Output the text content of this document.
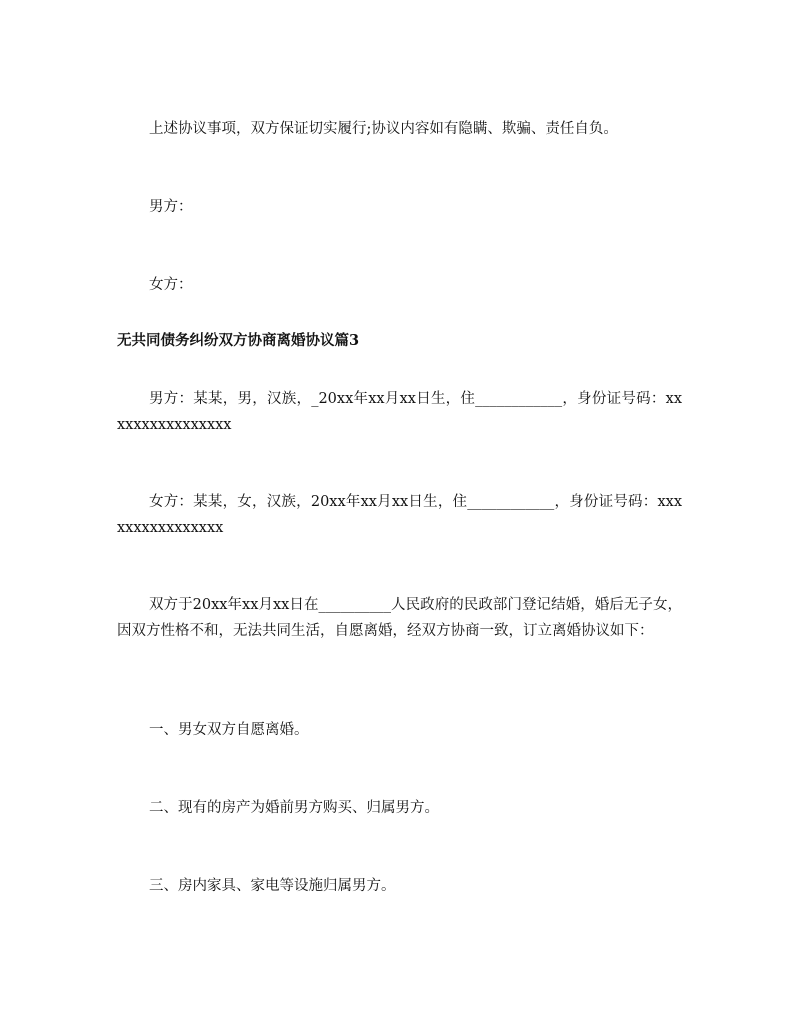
上述协议事项，双方保证切实履行;协议内容如有隐瞒、欺骗、责任自负。
男方：
女方：
无共同债务纠纷双方协商离婚协议篇3
男方：某某，男，汉族，_20xx年xx月xx日生，住____________，身份证号码：xxxxxxxxxxxxxxxx
女方：某某，女，汉族，20xx年xx月xx日生，住____________，身份证号码：xxxxxxxxxxxxxxxx
双方于20xx年xx月xx日在__________人民政府的民政部门登记结婚，婚后无子女，因双方性格不和，无法共同生活，自愿离婚，经双方协商一致，订立离婚协议如下：
一、男女双方自愿离婚。
二、现有的房产为婚前男方购买、归属男方。
三、房内家具、家电等设施归属男方。
